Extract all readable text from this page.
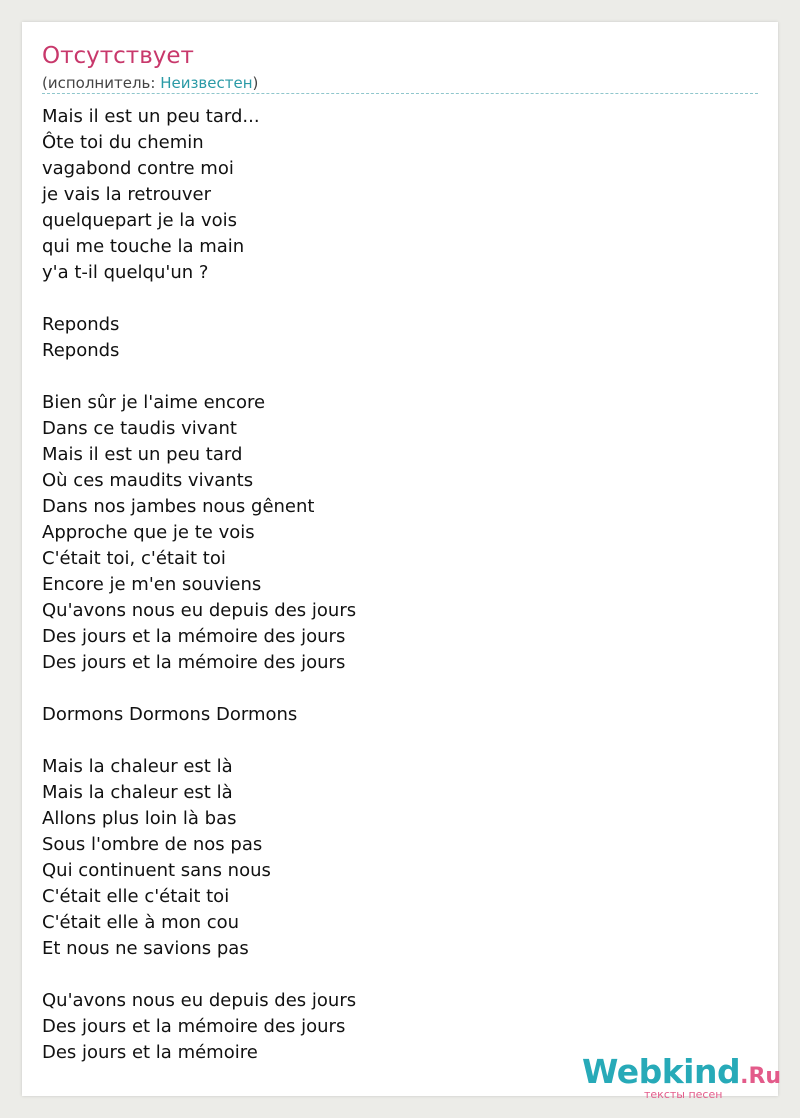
Отсутствует
(исполнитель: Неизвестен)
Mais il est un peu tard...
Ôte toi du chemin
vagabond contre moi
je vais la retrouver
quelquepart je la vois
qui me touche la main
y'a t-il quelqu'un ?
Reponds
Reponds
Bien sûr je l'aime encore
Dans ce taudis vivant
Mais il est un peu tard
Où ces maudits vivants
Dans nos jambes nous gênent
Approche que je te vois
C'était toi, c'était toi
Encore je m'en souviens
Qu'avons nous eu depuis des jours
Des jours et la mémoire des jours
Des jours et la mémoire des jours
Dormons Dormons Dormons
Mais la chaleur est là
Mais la chaleur est là
Allons plus loin là bas
Sous l'ombre de nos pas
Qui continuent sans nous
C'était elle c'était toi
C'était elle à mon cou
Et nous ne savions pas
Qu'avons nous eu depuis des jours
Des jours et la mémoire des jours
Des jours et la mémoire	Webkind.Ru
тексты песен
